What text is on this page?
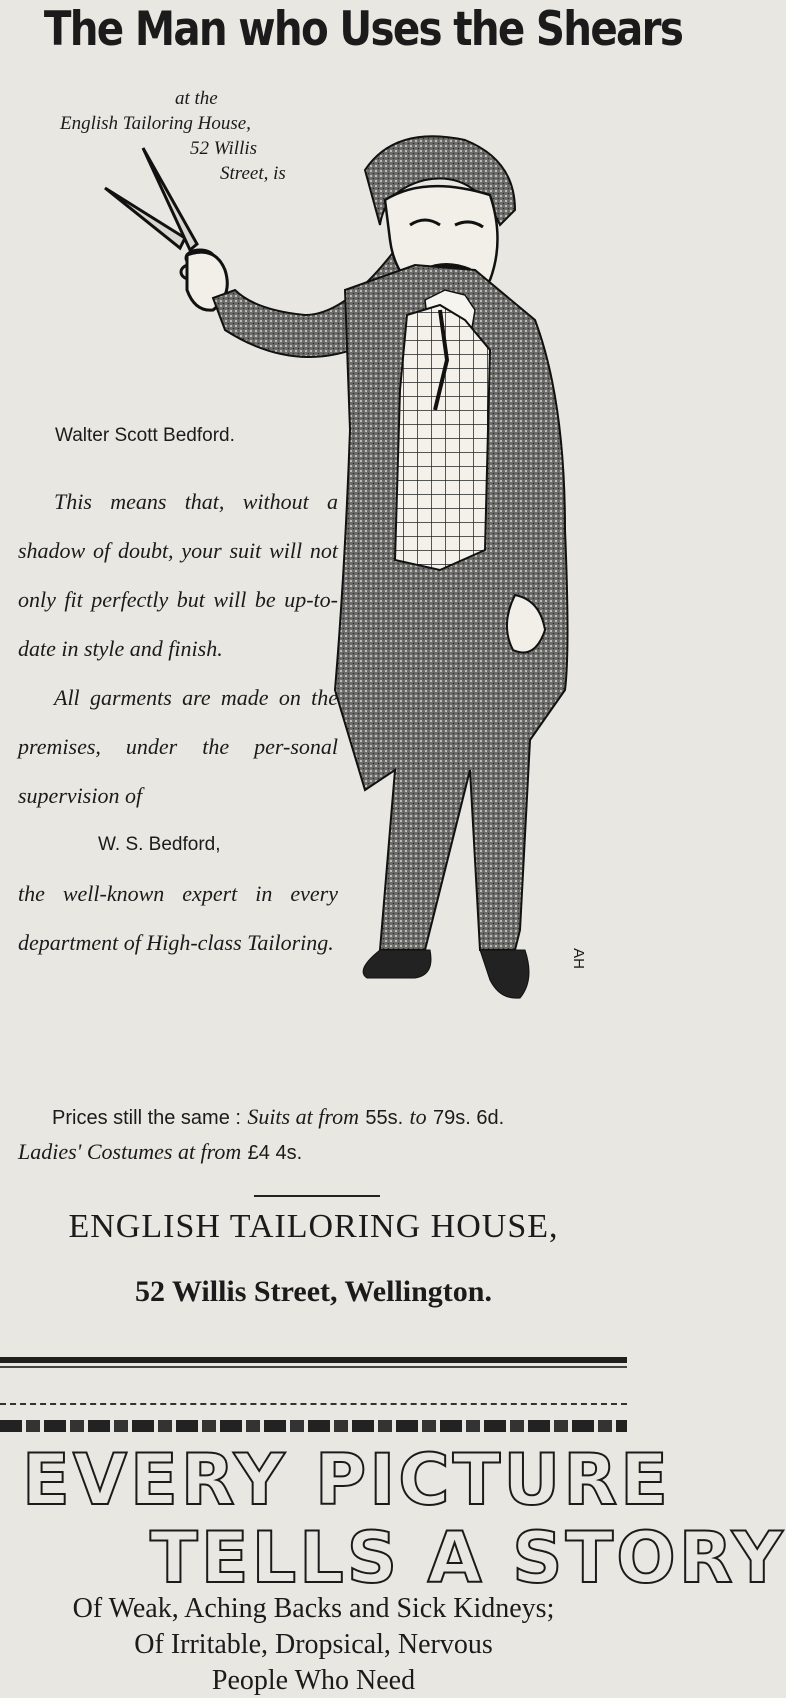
The Man who Uses the Shears
at the
English Tailoring House,
52 Willis
Street, is
AH
Walter Scott Bedford.
This means that, without a shadow of doubt, your suit will not only fit perfectly but will be up-to-date in style and finish.
All garments are made on the premises, under the per-sonal supervision of
W. S. Bedford,
the well-known expert in every department of High-class Tailoring.
Prices still the same : Suits at from 55s. to 79s. 6d.
Ladies' Costumes at from £4 4s.
ENGLISH TAILORING HOUSE,
52 Willis Street, Wellington.
EVERY PICTURE
TELLS A STORY
Of Weak, Aching Backs and Sick Kidneys;
Of Irritable, Dropsical, Nervous
People Who Need
